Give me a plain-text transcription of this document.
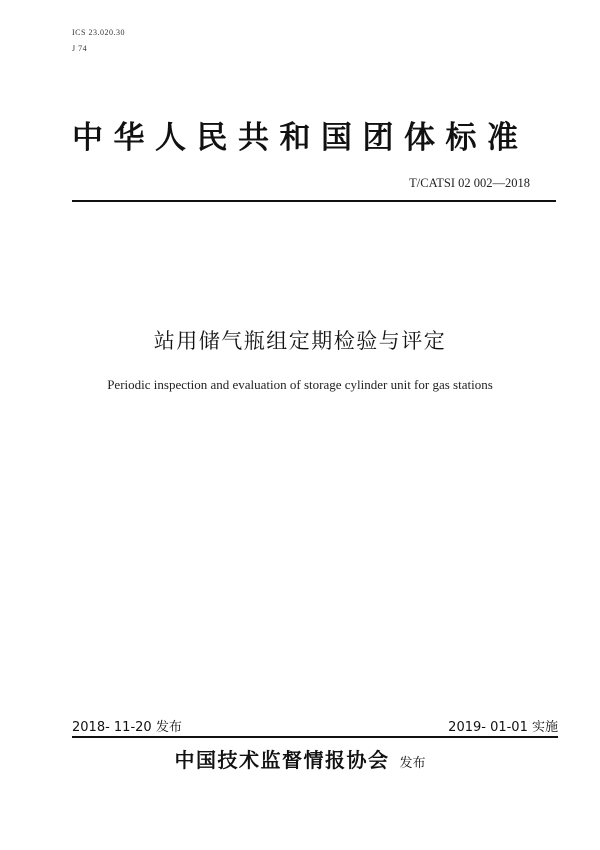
ICS 23.020.30
J 74
中华人民共和国团体标准
T/CATSI 02 002—2018
站用储气瓶组定期检验与评定
Periodic inspection and evaluation of storage cylinder unit for gas stations
2018- 11-20 发布	2019- 01-01 实施
中国技术监督情报协会 发布
